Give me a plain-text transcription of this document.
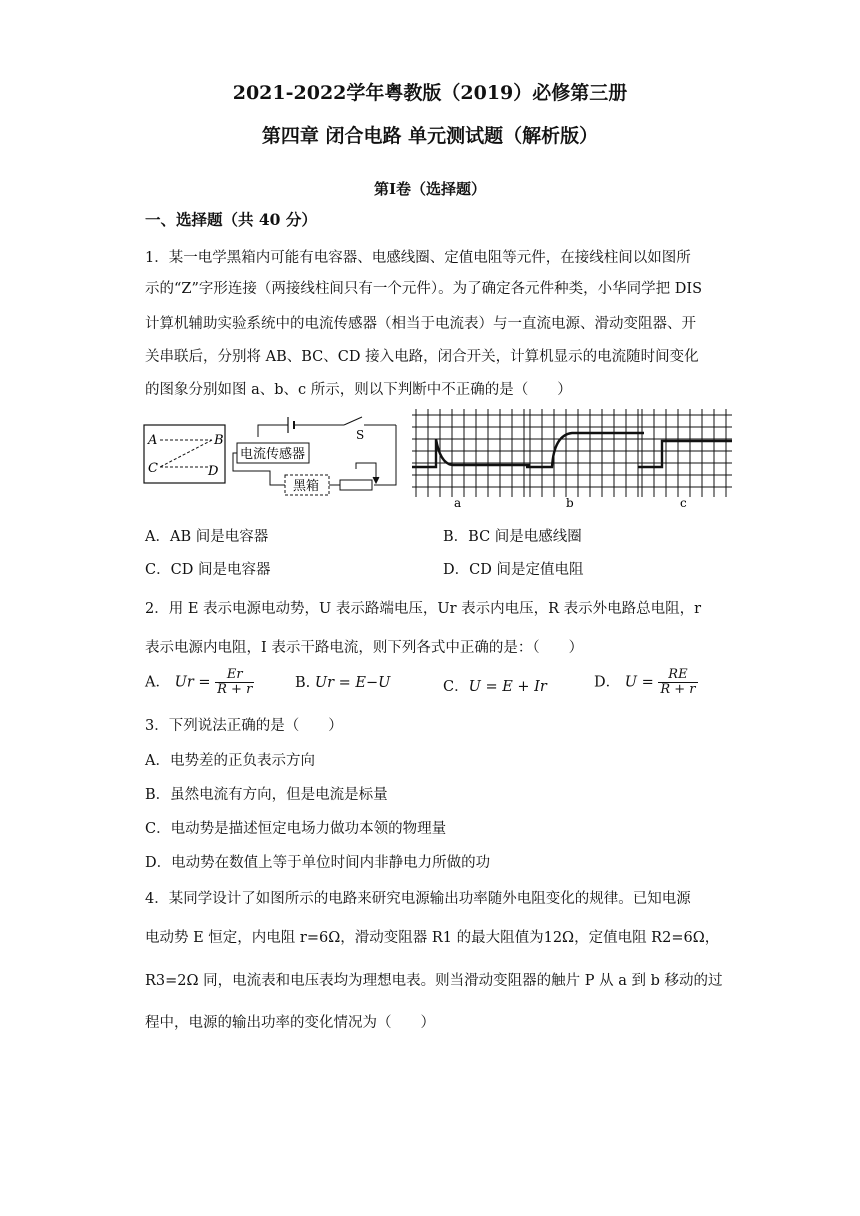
2021-2022学年粤教版（2019）必修第三册
第四章 闭合电路 单元测试题（解析版）
第Ⅰ卷（选择题）
一、选择题（共 40 分）
1．某一电学黑箱内可能有电容器、电感线圈、定值电阻等元件，在接线柱间以如图所
示的“Z”字形连接（两接线柱间只有一个元件）。为了确定各元件种类，小华同学把 DIS
计算机辅助实验系统中的电流传感器（相当于电流表）与一直流电源、滑动变阻器、开
关串联后，分别将 AB、BC、CD 接入电路，闭合开关，计算机显示的电流随时间变化
的图象分别如图 a、b、c 所示，则以下判断中不正确的是（　　）
A	B
C	D
S
电流传感器
黑箱
a	b	c
A．AB 间是电容器	B．BC 间是电感线圈
C．CD 间是电容器	D．CD 间是定值电阻
2．用 E 表示电源电动势，U 表示路端电压，Ur 表示内电压，R 表示外电路总电阻，r
表示电源内电阻，I 表示干路电流，则下列各式中正确的是：（　　）
A． $Ur = \frac{Er}{R + r}$	B. Ur = E−U	C．U = E + Ir	D． $U = \frac{RE}{R + r}$
3．下列说法正确的是（　　）
A．电势差的正负表示方向
B．虽然电流有方向，但是电流是标量
C．电动势是描述恒定电场力做功本领的物理量
D．电动势在数值上等于单位时间内非静电力所做的功
4．某同学设计了如图所示的电路来研究电源输出功率随外电阻变化的规律。已知电源
电动势 E 恒定，内电阻 r=6Ω，滑动变阻器 R1 的最大阻值为12Ω，定值电阻 R2=6Ω，
R3=2Ω 同，电流表和电压表均为理想电表。则当滑动变阻器的触片 P 从 a 到 b 移动的过
程中，电源的输出功率的变化情况为（　　）
